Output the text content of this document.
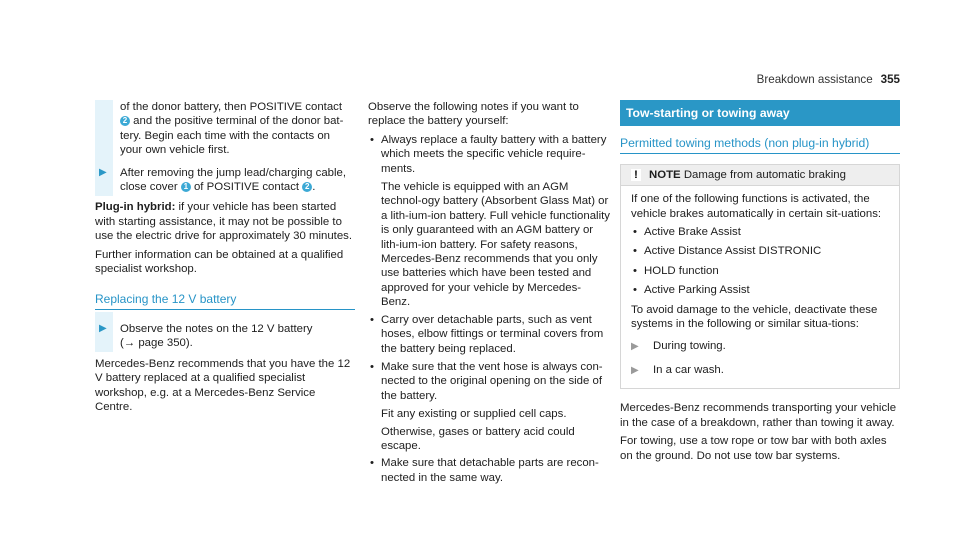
Breakdown assistance 355
of the donor battery, then POSITIVE contact
2 and the positive terminal of the donor bat-
tery. Begin each time with the contacts on
your own vehicle first.
▶ After removing the jump lead/charging cable,
close cover 1 of POSITIVE contact 2 .

Plug-in hybrid: if your vehicle has been started with starting assistance, it may not be possible to use the electric drive for approximately 30 minutes.

Further information can be obtained at a qualified specialist workshop.

Replacing the 12 V battery
▶ Observe the notes on the 12 V battery
(→ page 350).

Mercedes-Benz recommends that you have the 12 V battery replaced at a qualified specialist workshop, e.g. at a Mercedes-Benz Service Centre.

Observe the following notes if you want to replace the battery yourself:

• Always replace a faulty battery with a battery which meets the specific vehicle require-ments.

The vehicle is equipped with an AGM technol-ogy battery (Absorbent Glass Mat) or a lith-ium-ion battery. Full vehicle functionality is only guaranteed with an AGM battery or lith-ium-ion battery. For safety reasons, Mercedes-Benz recommends that you only use batteries which have been tested and approved for your vehicle by Mercedes-Benz.

• Carry over detachable parts, such as vent hoses, elbow fittings or terminal covers from the battery being replaced.
• Make sure that the vent hose is always con-nected to the original opening on the side of the battery.

Fit any existing or supplied cell caps.

Otherwise, gases or battery acid could escape.

• Make sure that detachable parts are recon-nected in the same way.
Tow-starting or towing away
Permitted towing methods (non plug-in hybrid)
! NOTE Damage from automatic braking

If one of the following functions is activated, the vehicle brakes automatically in certain sit-uations:

• Active Brake Assist
• Active Distance Assist DISTRONIC
• HOLD function
• Active Parking Assist

To avoid damage to the vehicle, deactivate these systems in the following or similar situa-tions:

▶ During towing.

▶ In a car wash.

Mercedes-Benz recommends transporting your vehicle in the case of a breakdown, rather than towing it away.

For towing, use a tow rope or tow bar with both axles on the ground. Do not use tow bar systems.
